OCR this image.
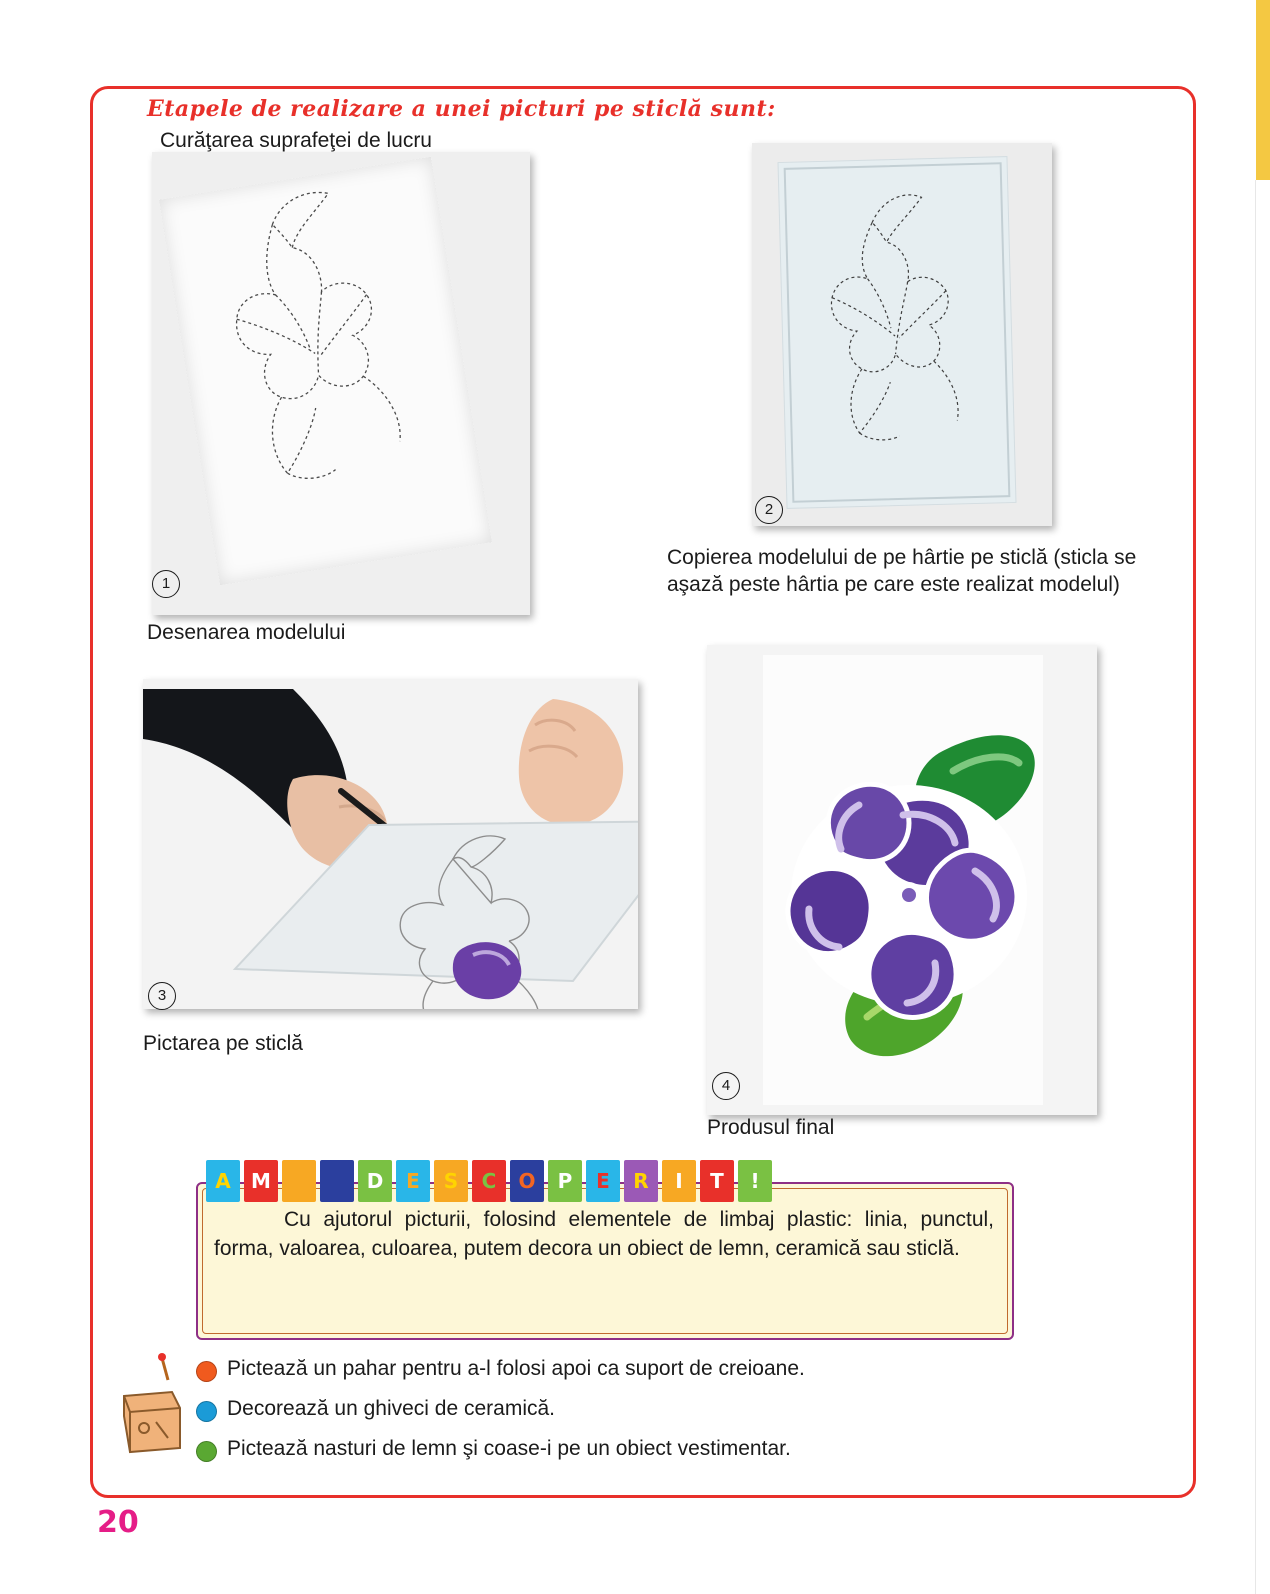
Etapele de realizare a unei picturi pe sticlă sunt:
Curăţarea suprafeţei de lucru
1
Desenarea modelului
2
Copierea modelului de pe hârtie pe sticlă (sticla se aşază peste hârtia pe care este realizat modelul)
3
Pictarea pe sticlă
4
Produsul final
A	M	D	E	S	C	O	P	E	R	I	T	!
Cu ajutorul picturii, folosind elementele de limbaj plastic: linia, punctul, forma, valoarea, culoarea, putem decora un obiect de lemn, ceramică sau sticlă.
Pictează un pahar pentru a-l folosi apoi ca suport de creioane.
Decorează un ghiveci de ceramică.
Pictează nasturi de lemn şi coase-i pe un obiect vestimentar.
20
